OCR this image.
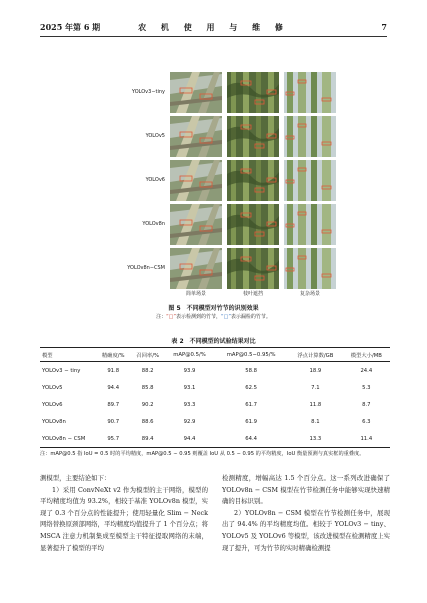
2025 年第 6 期	农 机 使 用 与 维 修	7
YOLOv3−tiny
YOLOv5
YOLOv6
YOLOv8n
YOLOv8n−CSM
简单场景	枝叶遮挡	复杂场景
图 5　不同模型对竹节的识别效果
注：“□”表示检测到的竹节，“□”表示漏检的竹节。
表 2　不同模型的试验结果对比
模型	精确度/%	召回率/%	mAP@0.5/%	mAP@0.5∼0.95/%	浮点计算数/GB	模型大小/MB
YOLOv3 − tiny	91.8	88.2	93.9	58.8	18.9	24.4
YOLOv5	94.4	85.8	93.1	62.5	7.1	5.3
YOLOv6	89.7	90.2	93.3	61.7	11.8	8.7
YOLOv8n	90.7	88.6	92.9	61.9	8.1	6.3
YOLOv8n − CSM	95.7	89.4	94.4	64.4	13.3	11.4
注：mAP@0.5 指 IoU = 0.5 时的平均精度，mAP@0.5 ∼ 0.95 则覆盖 IoU 从 0.5 ∼ 0.95 的平均精度，IoU 衡量预测与真实框的重叠度。

测模型，主要结论如下：

1）采用 ConvNeXt v2 作为模型的主干网络，模型的平均精度均值为 93.2%，相较于基准 YOLOv8n 模型，实现了 0.3 个百分点的性能提升；使用轻量化 Slim − Neck 网络替换原颈部网络，平均精度均值提升了 1 个百分点；将 MSCA 注意力机制集成至模型主干特征提取网络的末端，显著提升了模型的平均

检测精度，增幅高达 1.5 个百分点。这一系列改进确保了 YOLOv8n − CSM 模型在竹节检测任务中能够实现快速精确的目标识别。

2）YOLOv8n − CSM 模型在竹节检测任务中，展现出了 94.4% 的平均精度均值。相较于 YOLOv3 − tiny、YOLOv5 及 YOLOv6 等模型，该改进模型在检测精度上实现了提升，可为竹节的实时精确检测提
